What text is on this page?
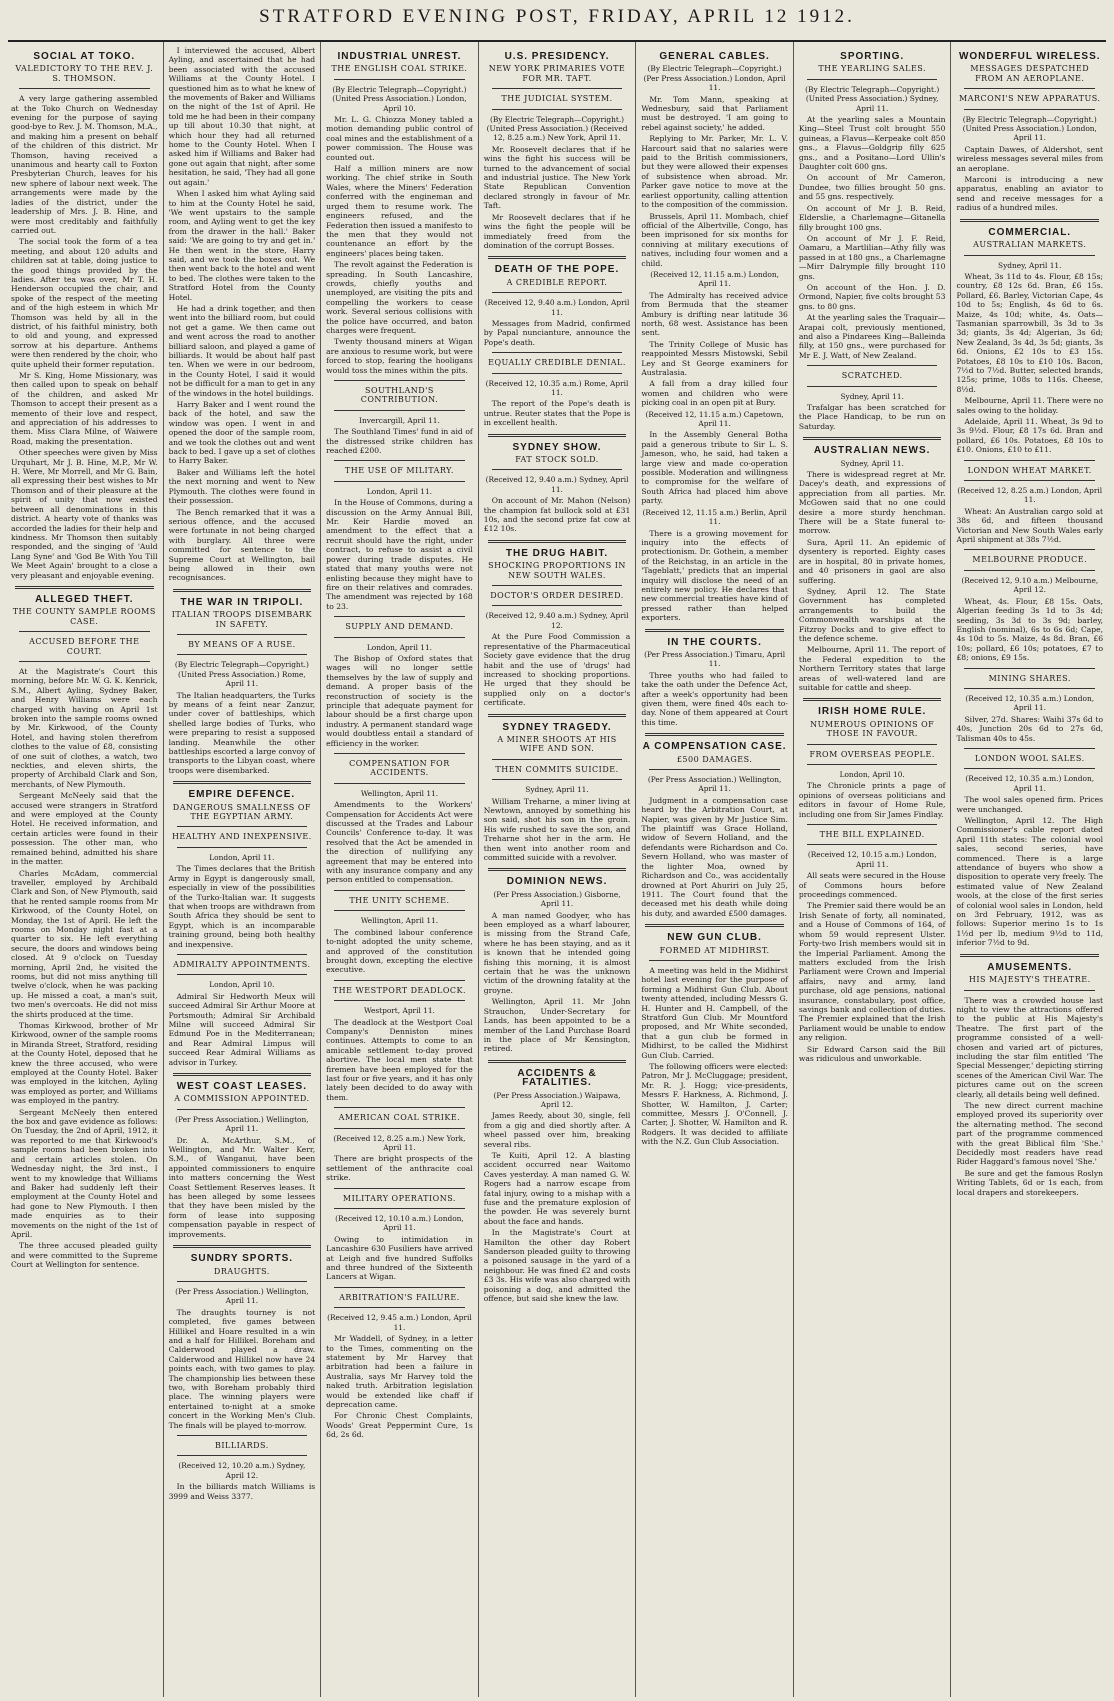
STRATFORD EVENING POST, FRIDAY, APRIL 12 1912.
SOCIAL AT TOKO.
VALEDICTORY TO THE REV. J. S. THOMSON.

A very large gathering assembled at the Toko Church on Wednesday evening for the purpose of saying good-bye to Rev. J. M. Thomson, M.A., and making him a present on behalf of the children of this district. Mr Thomson, having received a unanimous and hearty call to Foxton Presbyterian Church, leaves for his new sphere of labour next week. The arrangements were made by the ladies of the district, under the leadership of Mrs. J. B. Hine, and were most creditably and faithfully carried out.

The social took the form of a tea meeting, and about 120 adults and children sat at table, doing justice to the good things provided by the ladies. After tea was over, Mr T. H. Henderson occupied the chair, and spoke of the respect of the meeting and of the high esteem in which Mr Thomson was held by all in the district, of his faithful ministry, both to old and young, and expressed sorrow at his departure. Anthems were then rendered by the choir, who quite upheld their former reputation.

Mr S. King, Home Missionary, was then called upon to speak on behalf of the children, and asked Mr Thomson to accept their present as a memento of their love and respect, and appreciation of his addresses to them. Miss Clara Milne, of Waiwere Road, making the presentation.

Other speeches were given by Miss Urquhart, Mr J. B. Hine, M.P., Mr W. H. Were, Mr Morrell, and Mr G. Bain, all expressing their best wishes to Mr Thomson and of their pleasure at the spirit of unity that now existed between all denominations in this district. A hearty vote of thanks was accorded the ladies for their help and kindness. Mr Thomson then suitably responded, and the singing of 'Auld Lang Syne' and 'God Be With You Till We Meet Again' brought to a close a very pleasant and enjoyable evening.

ALLEGED THEFT.
THE COUNTY SAMPLE ROOMS CASE.
ACCUSED BEFORE THE COURT.

At the Magistrate's Court this morning, before Mr. W. G. K. Kenrick, S.M., Albert Ayling, Sydney Baker, and Henry Williams were each charged with having on April 1st broken into the sample rooms owned by Mr. Kirkwood, of the County Hotel, and having stolen therefrom clothes to the value of £8, consisting of one suit of clothes, a watch, two neckties, and eleven shirts, the property of Archibald Clark and Son, merchants, of New Plymouth.

Sergeant McNeely said that the accused were strangers in Stratford and were employed at the County Hotel. He received information, and certain articles were found in their possession. The other man, who remained behind, admitted his share in the matter.

Charles McAdam, commercial traveller, employed by Archibald Clark and Son, of New Plymouth, said that he rented sample rooms from Mr Kirkwood, of the County Hotel, on Monday, the 1st of April. He left the rooms on Monday night fast at a quarter to six. He left everything secure, the doors and windows being closed. At 9 o'clock on Tuesday morning, April 2nd, he visited the rooms, but did not miss anything till twelve o'clock, when he was packing up. He missed a coat, a man's suit, two men's overcoats. He did not miss the shirts produced at the time.

Thomas Kirkwood, brother of Mr Kirkwood, owner of the sample rooms in Miranda Street, Stratford, residing at the County Hotel, deposed that he knew the three accused, who were employed at the County Hotel. Baker was employed in the kitchen, Ayling was employed as porter, and Williams was employed in the pantry.

Sergeant McNeely then entered the box and gave evidence as follows: On Tuesday, the 2nd of April, 1912, it was reported to me that Kirkwood's sample rooms had been broken into and certain articles stolen. On Wednesday night, the 3rd inst., I went to my knowledge that Williams and Baker had suddenly left their employment at the County Hotel and had gone to New Plymouth. I then made enquiries as to their movements on the night of the 1st of April.

The three accused pleaded guilty and were committed to the Supreme Court at Wellington for sentence.

I interviewed the accused, Albert Ayling, and ascertained that he had been associated with the accused Williams at the County Hotel. I questioned him as to what he knew of the movements of Baker and Williams on the night of the 1st of April. He told me he had been in their company up till about 10.30 that night, at which hour they had all returned home to the County Hotel. When I asked him if Williams and Baker had gone out again that night, after some hesitation, he said, 'They had all gone out again.'

When I asked him what Ayling said to him at the County Hotel he said, 'We went upstairs to the sample room, and Ayling went to get the key from the drawer in the hall.' Baker said: 'We are going to try and get in.' He then went in the store, Harry said, and we took the boxes out. We then went back to the hotel and went to bed. The clothes were taken to the Stratford Hotel from the County Hotel.

He had a drink together, and then went into the billiard room, but could not get a game. We then came out and went across the road to another billiard saloon, and played a game of billiards. It would be about half past ten. When we were in our bedroom, in the County Hotel, I said it would not be difficult for a man to get in any of the windows in the hotel buildings.

Harry Baker and I went round the back of the hotel, and saw the window was open. I went in and opened the door of the sample room, and we took the clothes out and went back to bed. I gave up a set of clothes to Harry Baker.

Baker and Williams left the hotel the next morning and went to New Plymouth. The clothes were found in their possession.

The Bench remarked that it was a serious offence, and the accused were fortunate in not being charged with burglary. All three were committed for sentence to the Supreme Court at Wellington, bail being allowed in their own recognisances.

THE WAR IN TRIPOLI.
ITALIAN TROOPS DISEMBARK IN SAFETY.
BY MEANS OF A RUSE.
(By Electric Telegraph—Copyright.) (United Press Association.) Rome, April 11.

The Italian headquarters, the Turks by means of a feint near Zanzur, under cover of battleships, which shelled large bodies of Turks, who were preparing to resist a supposed landing. Meanwhile the other battleships escorted a large convoy of transports to the Libyan coast, where troops were disembarked.

EMPIRE DEFENCE.
DANGEROUS SMALLNESS OF THE EGYPTIAN ARMY.
HEALTHY AND INEXPENSIVE.
London, April 11.

The Times declares that the British Army in Egypt is dangerously small, especially in view of the possibilities of the Turko-Italian war. It suggests that when troops are withdrawn from South Africa they should be sent to Egypt, which is an incomparable training ground, being both healthy and inexpensive.

ADMIRALTY APPOINTMENTS.
London, April 10.

Admiral Sir Hedworth Meux will succeed Admiral Sir Arthur Moore at Portsmouth; Admiral Sir Archibald Milne will succeed Admiral Sir Edmund Poe in the Mediterranean; and Rear Admiral Limpus will succeed Rear Admiral Williams as advisor in Turkey.

WEST COAST LEASES.
A COMMISSION APPOINTED.
(Per Press Association.) Wellington, April 11.

Dr. A. McArthur, S.M., of Wellington, and Mr. Walter Kerr, S.M., of Wanganui, have been appointed commissioners to enquire into matters concerning the West Coast Settlement Reserves leases. It has been alleged by some lessees that they have been misled by the form of lease into supposing compensation payable in respect of improvements.

SUNDRY SPORTS.
DRAUGHTS.
(Per Press Association.) Wellington, April 11.

The draughts tourney is not completed, five games between Hillikel and Hoare resulted in a win and a half for Hillikel. Boreham and Calderwood played a draw. Calderwood and Hillikel now have 24 points each, with two games to play. The championship lies between these two, with Boreham probably third place. The winning players were entertained to-night at a smoke concert in the Working Men's Club. The finals will be played to-morrow.

BILLIARDS.
(Received 12, 10.20 a.m.) Sydney, April 12.

In the billiards match Williams is 3999 and Weiss 3377.

INDUSTRIAL UNREST.
THE ENGLISH COAL STRIKE.
(By Electric Telegraph—Copyright.) (United Press Association.) London, April 10.

Mr. L. G. Chiozza Money tabled a motion demanding public control of coal mines and the establishment of a power commission. The House was counted out.

Half a million miners are now working. The chief strike in South Wales, where the Miners' Federation conferred with the engineman and urged them to resume work. The engineers refused, and the Federation then issued a manifesto to the men that they would not countenance an effort by the engineers' places being taken.

The revolt against the Federation is spreading. In South Lancashire, crowds, chiefly youths and unemployed, are visiting the pits and compelling the workers to cease work. Several serious collisions with the police have occurred, and baton charges were frequent.

Twenty thousand miners at Wigan are anxious to resume work, but were forced to stop, fearing the hooligans would toss the mines within the pits.

SOUTHLAND'S CONTRIBUTION.
Invercargill, April 11.

The Southland Times' fund in aid of the distressed strike children has reached £200.

THE USE OF MILITARY.
London, April 11.

In the House of Commons, during a discussion on the Army Annual Bill, Mr. Keir Hardie moved an amendment to the effect that a recruit should have the right, under contract, to refuse to assist a civil power during trade disputes. He stated that many youths were not enlisting because they might have to fire on their relatives and comrades. The amendment was rejected by 168 to 23.

SUPPLY AND DEMAND.
London, April 11.

The Bishop of Oxford states that wages will no longer settle themselves by the law of supply and demand. A proper basis of the reconstruction of society is the principle that adequate payment for labour should be a first charge upon industry. A permanent standard wage would doubtless entail a standard of efficiency in the worker.

COMPENSATION FOR ACCIDENTS.
Wellington, April 11.

Amendments to the Workers' Compensation for Accidents Act were discussed at the Trades and Labour Councils' Conference to-day. It was resolved that the Act be amended in the direction of nullifying any agreement that may be entered into with any insurance company and any person entitled to compensation.

THE UNITY SCHEME.
Wellington, April 11.

The combined labour conference to-night adopted the unity scheme, and approved of the constitution brought down, excepting the elective executive.

THE WESTPORT DEADLOCK.
Westport, April 11.

The deadlock at the Westport Coal Company's Denniston mines continues. Attempts to come to an amicable settlement to-day proved abortive. The local men state that firemen have been employed for the last four or five years, and it has only lately been decided to do away with them.

AMERICAN COAL STRIKE.
(Received 12, 8.25 a.m.) New York, April 11.

There are bright prospects of the settlement of the anthracite coal strike.

MILITARY OPERATIONS.
(Received 12, 10.10 a.m.) London, April 11.

Owing to intimidation in Lancashire 630 Fusiliers have arrived at Leigh and five hundred Suffolks and three hundred of the Sixteenth Lancers at Wigan.

ARBITRATION'S FAILURE.
(Received 12, 9.45 a.m.) London, April 11.

Mr Waddell, of Sydney, in a letter to the Times, commenting on the statement by Mr Harvey that arbitration had been a failure in Australia, says Mr Harvey told the naked truth. Arbitration legislation would be extended like chaff if deprecation came.

For Chronic Chest Complaints, Woods' Great Peppermint Cure, 1s 6d, 2s 6d.

U.S. PRESIDENCY.
NEW YORK PRIMARIES VOTE FOR MR. TAFT.
THE JUDICIAL SYSTEM.
(By Electric Telegraph—Copyright.) (United Press Association.) (Received 12, 8.25 a.m.) New York, April 11.

Mr. Roosevelt declares that if he wins the fight his success will be turned to the advancement of social and industrial justice. The New York State Republican Convention declared strongly in favour of Mr. Taft.

Mr Roosevelt declares that if he wins the fight the people will be immediately freed from the domination of the corrupt Bosses.

DEATH OF THE POPE.
A CREDIBLE REPORT.
(Received 12, 9.40 a.m.) London, April 11.

Messages from Madrid, confirmed by Papal nuncianture, announce the Pope's death.

EQUALLY CREDIBLE DENIAL.
(Received 12, 10.35 a.m.) Rome, April 11.

The report of the Pope's death is untrue. Reuter states that the Pope is in excellent health.

SYDNEY SHOW.
FAT STOCK SOLD.
(Received 12, 9.40 a.m.) Sydney, April 11.

On account of Mr. Mahon (Nelson) the champion fat bullock sold at £31 10s, and the second prize fat cow at £12 10s.

THE DRUG HABIT.
SHOCKING PROPORTIONS IN NEW SOUTH WALES.
DOCTOR'S ORDER DESIRED.
(Received 12, 9.40 a.m.) Sydney, April 12.

At the Pure Food Commission a representative of the Pharmaceutical Society gave evidence that the drug habit and the use of 'drugs' had increased to shocking proportions. He urged that they should be supplied only on a doctor's certificate.

SYDNEY TRAGEDY.
A MINER SHOOTS AT HIS WIFE AND SON.
THEN COMMITS SUICIDE.
Sydney, April 11.

William Treharne, a miner living at Newtown, annoyed by something his son said, shot his son in the groin. His wife rushed to save the son, and Treharne shot her in the arm. He then went into another room and committed suicide with a revolver.

DOMINION NEWS.
(Per Press Association.) Gisborne, April 11.

A man named Goodyer, who has been employed as a wharf labourer, is missing from the Strand Cafe, where he has been staying, and as it is known that he intended going fishing this morning, it is almost certain that he was the unknown victim of the drowning fatality at the groyne.

Wellington, April 11. Mr John Strauchon, Under-Secretary for Lands, has been appointed to be a member of the Land Purchase Board in the place of Mr Kensington, retired.

ACCIDENTS & FATALITIES.
(Per Press Association.) Waipawa, April 12.

James Reedy, about 30, single, fell from a gig and died shortly after. A wheel passed over him, breaking several ribs.

Te Kuiti, April 12. A blasting accident occurred near Waitomo Caves yesterday. A man named G. W. Rogers had a narrow escape from fatal injury, owing to a mishap with a fuse and the premature explosion of the powder. He was severely burnt about the face and hands.

In the Magistrate's Court at Hamilton the other day Robert Sanderson pleaded guilty to throwing a poisoned sausage in the yard of a neighbour. He was fined £2 and costs £3 3s. His wife was also charged with poisoning a dog, and admitted the offence, but said she knew the law.

GENERAL CABLES.
(By Electric Telegraph—Copyright.) (Per Press Association.) London, April 11.

Mr. Tom Mann, speaking at Wednesbury, said that Parliament must be destroyed. 'I am going to rebel against society,' he added.

Replying to Mr. Parker, Mr. L. V. Harcourt said that no salaries were paid to the British commissioners, but they were allowed their expenses of subsistence when abroad. Mr. Parker gave notice to move at the earliest opportunity, calling attention to the composition of the commission.

Brussels, April 11. Mombach, chief official of the Albertville, Congo, has been imprisoned for six months for conniving at military executions of natives, including four women and a child.

(Received 12, 11.15 a.m.) London, April 11.

The Admiralty has received advice from Bermuda that the steamer Ambury is drifting near latitude 36 north, 68 west. Assistance has been sent.

The Trinity College of Music has reappointed Messrs Mistowski, Sebil Ley and St George examiners for Australasia.

A fall from a dray killed four women and children who were picking coal in an open pit at Bury.

(Received 12, 11.15 a.m.) Capetown, April 11.

In the Assembly General Botha paid a generous tribute to Sir L. S. Jameson, who, he said, had taken a large view and made co-operation possible. Moderation and willingness to compromise for the welfare of South Africa had placed him above party.

(Received 12, 11.15 a.m.) Berlin, April 11.

There is a growing movement for inquiry into the effects of protectionism. Dr. Gothein, a member of the Reichstag, in an article in the 'Tageblatt,' predicts that an imperial inquiry will disclose the need of an entirely new policy. He declares that new commercial treaties have kind of pressed rather than helped exporters.

IN THE COURTS.
(Per Press Association.) Timaru, April 11.

Three youths who had failed to take the oath under the Defence Act, after a week's opportunity had been given them, were fined 40s each to-day. None of them appeared at Court this time.

A COMPENSATION CASE.
£500 DAMAGES.
(Per Press Association.) Wellington, April 11.

Judgment in a compensation case heard by the Arbitration Court, at Napier, was given by Mr Justice Sim. The plaintiff was Grace Holland, widow of Severn Holland, and the defendants were Richardson and Co. Severn Holland, who was master of the lighter Moa, owned by Richardson and Co., was accidentally drowned at Port Ahuriri on July 25, 1911. The Court found that the deceased met his death while doing his duty, and awarded £500 damages.

NEW GUN CLUB.
FORMED AT MIDHIRST.

A meeting was held in the Midhirst hotel last evening for the purpose of forming a Midhirst Gun Club. About twenty attended, including Messrs G. H. Hunter and H. Campbell, of the Stratford Gun Club. Mr Mountford proposed, and Mr White seconded, that a gun club be formed in Midhirst, to be called the Midhirst Gun Club. Carried.

The following officers were elected: Patron, Mr J. McCluggage; president, Mr. R. J. Hogg; vice-presidents, Messrs F. Harkness, A. Richmond, J. Shotter, W. Hamilton, J. Carter; committee, Messrs J. O'Connell, J. Carter, J. Shotter, W. Hamilton and R. Rodgers. It was decided to affiliate with the N.Z. Gun Club Association.

SPORTING.
THE YEARLING SALES.
(By Electric Telegraph—Copyright.) (United Press Association.) Sydney, April 11.

At the yearling sales a Mountain King—Steel Trust colt brought 550 guineas, a Flavus—Kerpeake colt 850 gns., a Flavus—Goldgrip filly 625 gns., and a Positano—Lord Ullin's Daughter colt 600 gns.

On account of Mr Cameron, Dundee, two fillies brought 50 gns. and 55 gns. respectively.

On account of Mr J. B. Reid, Elderslie, a Charlemagne—Gitanella filly brought 100 gns.

On account of Mr J. F. Reid, Oamaru, a Martlilian—Athy filly was passed in at 180 gns., a Charlemagne—Mirr Dalrymple filly brought 110 gns.

On account of the Hon. J. D. Ormond, Napier, five colts brought 53 gns. to 80 gns.

At the yearling sales the Traquair—Arapai colt, previously mentioned, and also a Pindarees King—Balleinda filly, at 150 gns., were purchased for Mr E. J. Watt, of New Zealand.

SCRATCHED.
Sydney, April 11.

Trafalgar has been scratched for the Place Handicap, to be run on Saturday.

AUSTRALIAN NEWS.
Sydney, April 11.

There is widespread regret at Mr. Dacey's death, and expressions of appreciation from all parties. Mr. McGowen said that no one could desire a more sturdy henchman. There will be a State funeral to-morrow.

Sura, April 11. An epidemic of dysentery is reported. Eighty cases are in hospital, 80 in private homes, and 40 prisoners in gaol are also suffering.

Sydney, April 12. The State Government has completed arrangements to build the Commonwealth warships at the Fitzroy Docks and to give effect to the defence scheme.

Melbourne, April 11. The report of the Federal expedition to the Northern Territory states that large areas of well-watered land are suitable for cattle and sheep.

IRISH HOME RULE.
NUMEROUS OPINIONS OF THOSE IN FAVOUR.
FROM OVERSEAS PEOPLE.
London, April 10.

The Chronicle prints a page of opinions of overseas politicians and editors in favour of Home Rule, including one from Sir James Findlay.

THE BILL EXPLAINED.
(Received 12, 10.15 a.m.) London, April 11.

All seats were secured in the House of Commons hours before proceedings commenced.

The Premier said there would be an Irish Senate of forty, all nominated, and a House of Commons of 164, of whom 59 would represent Ulster. Forty-two Irish members would sit in the Imperial Parliament. Among the matters excluded from the Irish Parliament were Crown and Imperial affairs, navy and army, land purchase, old age pensions, national insurance, constabulary, post office, savings bank and collection of duties. The Premier explained that the Irish Parliament would be unable to endow any religion.

Sir Edward Carson said the Bill was ridiculous and unworkable.

WONDERFUL WIRELESS.
MESSAGES DESPATCHED FROM AN AEROPLANE.
MARCONI'S NEW APPARATUS.
(By Electric Telegraph—Copyright.) (United Press Association.) London, April 11.

Captain Dawes, of Aldershot, sent wireless messages several miles from an aeroplane.

Marconi is introducing a new apparatus, enabling an aviator to send and receive messages for a radius of a hundred miles.

COMMERCIAL.
AUSTRALIAN MARKETS.
Sydney, April 11.

Wheat, 3s 11d to 4s. Flour, £8 15s; country, £8 12s 6d. Bran, £6 15s. Pollard, £6. Barley, Victorian Cape, 4s 10d to 5s; English, 4s 6d to 6s. Maize, 4s 10d; white, 4s. Oats—Tasmanian sparrowbill, 3s 3d to 3s 3d; giants, 3s 4d; Algerian, 3s 6d; New Zealand, 3s 4d, 3s 5d; giants, 3s 6d. Onions, £2 10s to £3 15s. Potatoes, £8 10s to £10 10s. Bacon, 7½d to 7½d. Butter, selected brands, 125s; prime, 108s to 116s. Cheese, 8½d.

Melbourne, April 11. There were no sales owing to the holiday.

Adelaide, April 11. Wheat, 3s 9d to 3s 9½d. Flour, £8 17s 6d. Bran and pollard, £6 10s. Potatoes, £8 10s to £10. Onions, £10 to £11.

LONDON WHEAT MARKET.
(Received 12, 8.25 a.m.) London, April 11.

Wheat: An Australian cargo sold at 38s 6d, and fifteen thousand Victorian and New South Wales early April shipment at 38s 7½d.

MELBOURNE PRODUCE.
(Received 12, 9.10 a.m.) Melbourne, April 12.

Wheat, 4s. Flour, £8 15s. Oats, Algerian feeding 3s 1d to 3s 4d; seeding, 3s 3d to 3s 9d; barley, English (nominal), 6s to 6s 6d; Cape, 4s 10d to 5s. Maize, 4s 8d. Bran, £6 10s; pollard, £6 10s; potatoes, £7 to £8; onions, £9 15s.

MINING SHARES.
(Received 12, 10.35 a.m.) London, April 11.

Silver, 27d. Shares: Waihi 37s 6d to 40s, Junction 20s 6d to 27s 6d, Talisman 40s to 45s.

LONDON WOOL SALES.
(Received 12, 10.35 a.m.) London, April 11.

The wool sales opened firm. Prices were unchanged.

Wellington, April 12. The High Commissioner's cable report dated April 11th states: The colonial wool sales, second series, have commenced. There is a large attendance of buyers who show a disposition to operate very freely. The estimated value of New Zealand wools, at the close of the first series of colonial wool sales in London, held on 3rd February, 1912, was as follows: Superior merino 1s to 1s 1½d per lb, medium 9½d to 11d, inferior 7½d to 9d.

AMUSEMENTS.
HIS MAJESTY'S THEATRE.

There was a crowded house last night to view the attractions offered to the public at His Majesty's Theatre. The first part of the programme consisted of a well-chosen and varied art of pictures, including the star film entitled 'The Special Messenger,' depicting stirring scenes of the American Civil War. The pictures came out on the screen clearly, all details being well defined.

The new direct current machine employed proved its superiority over the alternating method. The second part of the programme commenced with the great Biblical film 'She.' Decidedly most readers have read Rider Haggard's famous novel 'She.'

Be sure and get the famous Roslyn Writing Tablets, 6d or 1s each, from local drapers and storekeepers.
